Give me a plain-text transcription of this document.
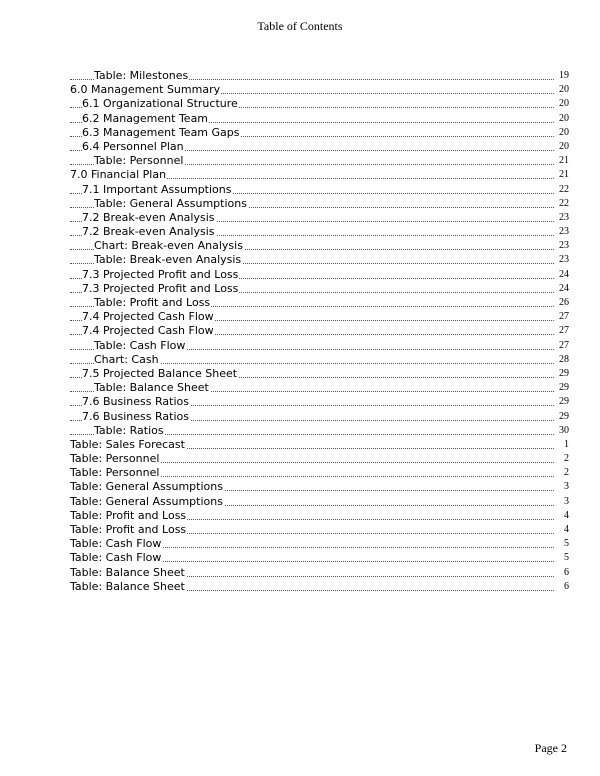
Table of Contents
Table: Milestones	19
6.0 Management Summary	20
6.1 Organizational Structure	20
6.2 Management Team	20
6.3 Management Team Gaps	20
6.4 Personnel Plan	20
Table: Personnel	21
7.0 Financial Plan	21
7.1 Important Assumptions	22
Table: General Assumptions	22
7.2 Break-even Analysis	23
7.2 Break-even Analysis	23
Chart: Break-even Analysis	23
Table: Break-even Analysis	23
7.3 Projected Profit and Loss	24
7.3 Projected Profit and Loss	24
Table: Profit and Loss	26
7.4 Projected Cash Flow	27
7.4 Projected Cash Flow	27
Table: Cash Flow	27
Chart: Cash	28
7.5 Projected Balance Sheet	29
Table: Balance Sheet	29
7.6 Business Ratios	29
7.6 Business Ratios	29
Table: Ratios	30
Table: Sales Forecast	1
Table: Personnel	2
Table: Personnel	2
Table: General Assumptions	3
Table: General Assumptions	3
Table: Profit and Loss	4
Table: Profit and Loss	4
Table: Cash Flow	5
Table: Cash Flow	5
Table: Balance Sheet	6
Table: Balance Sheet	6
Page 2
